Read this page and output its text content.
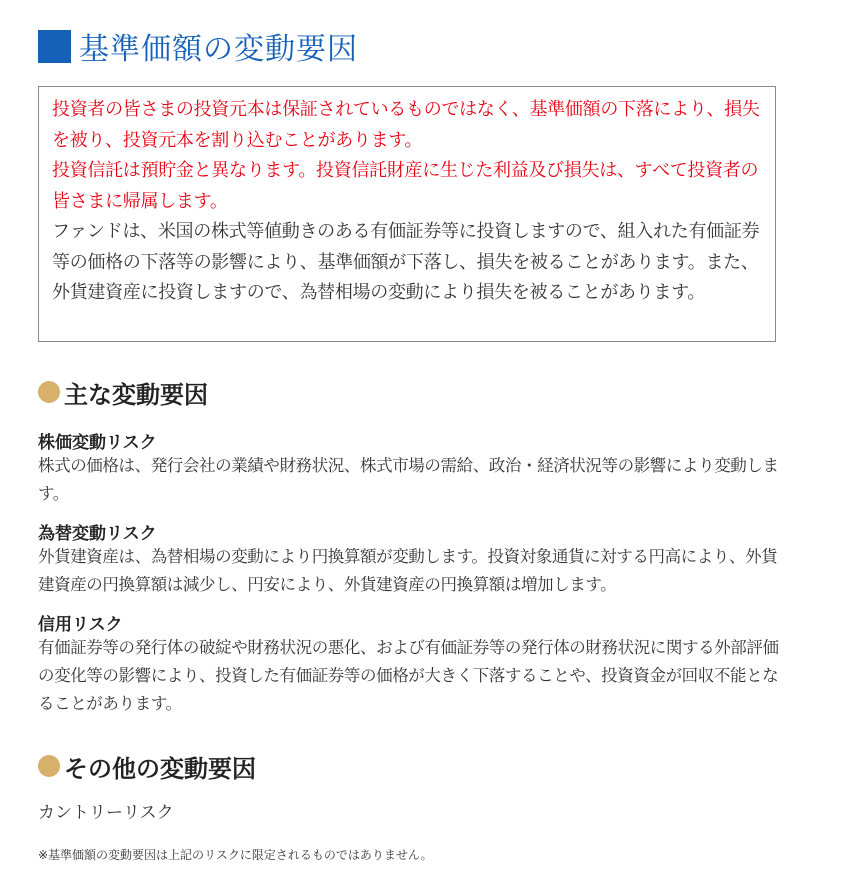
基準価額の変動要因

投資者の皆さまの投資元本は保証されているものではなく、基準価額の下落により、損失を被り、投資元本を割り込むことがあります。

投資信託は預貯金と異なります。投資信託財産に生じた利益及び損失は、すべて投資者の皆さまに帰属します。

ファンドは、米国の株式等値動きのある有価証券等に投資しますので、組入れた有価証券等の価格の下落等の影響により、基準価額が下落し、損失を被ることがあります。また、外貨建資産に投資しますので、為替相場の変動により損失を被ることがあります。

主な変動要因
株価変動リスク

株式の価格は、発行会社の業績や財務状況、株式市場の需給、政治・経済状況等の影響により変動します。

為替変動リスク

外貨建資産は、為替相場の変動により円換算額が変動します。投資対象通貨に対する円高により、外貨建資産の円換算額は減少し、円安により、外貨建資産の円換算額は増加します。

信用リスク

有価証券等の発行体の破綻や財務状況の悪化、および有価証券等の発行体の財務状況に関する外部評価の変化等の影響により、投資した有価証券等の価格が大きく下落することや、投資資金が回収不能となることがあります。

その他の変動要因
カントリーリスク
※基準価額の変動要因は上記のリスクに限定されるものではありません。
